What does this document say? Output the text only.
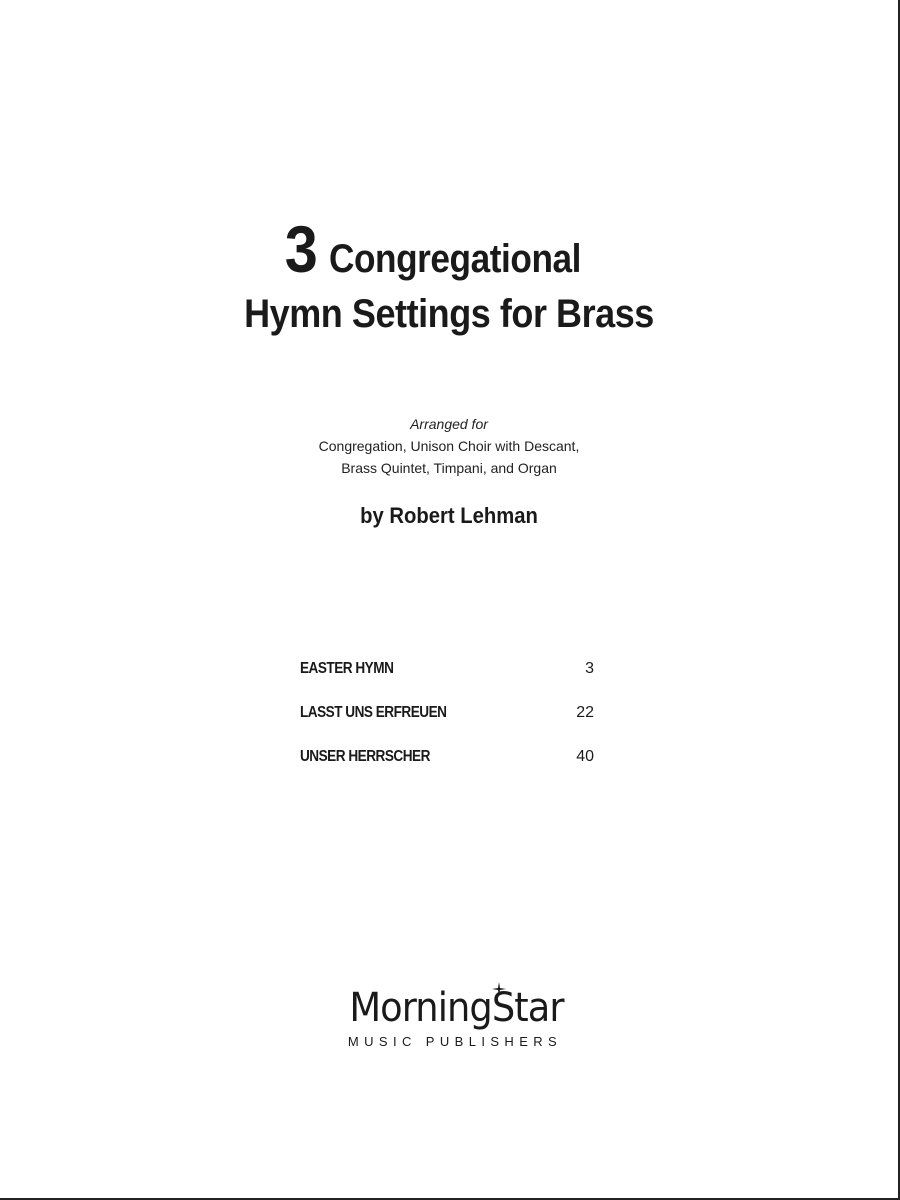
3 Congregational
Hymn Settings for Brass
Arranged for
Congregation, Unison Choir with Descant,
Brass Quintet, Timpani, and Organ
by Robert Lehman
EASTER HYMN	3
LASST UNS ERFREUEN	22
UNSER HERRSCHER	40
MorningStar
MUSIC PUBLISHERS
